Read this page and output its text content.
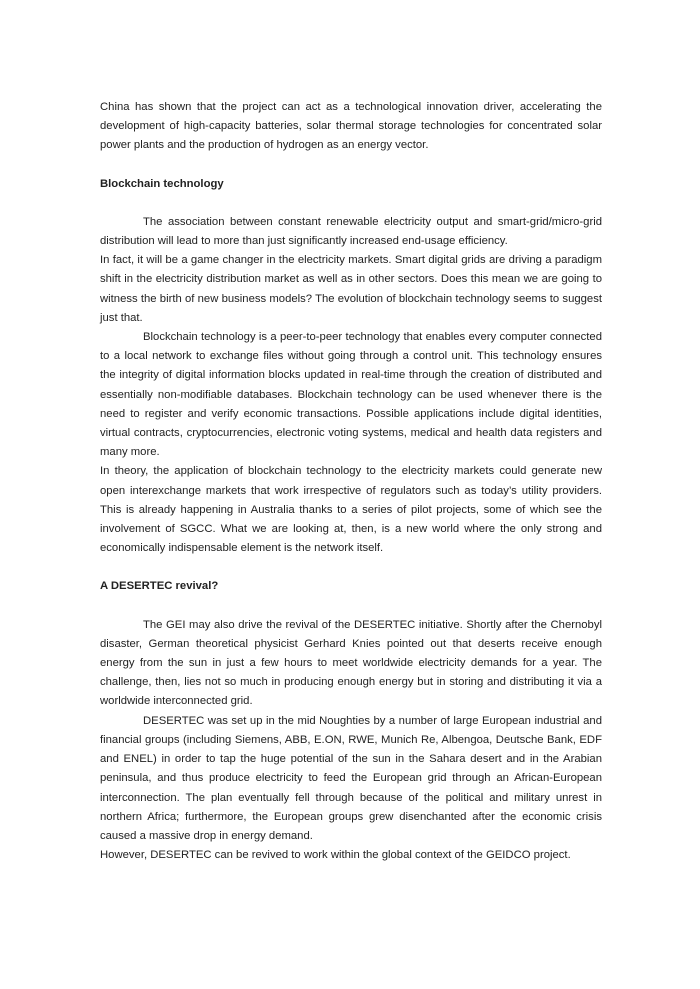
China has shown that the project can act as a technological innovation driver, accelerating the development of high-capacity batteries, solar thermal storage technologies for concentrated solar power plants and the production of hydrogen as an energy vector.

Blockchain technology

The association between constant renewable electricity output and smart-grid/micro-grid distribution will lead to more than just significantly increased end-usage efficiency.

In fact, it will be a game changer in the electricity markets. Smart digital grids are driving a paradigm shift in the electricity distribution market as well as in other sectors. Does this mean we are going to witness the birth of new business models? The evolution of blockchain technology seems to suggest just that.

Blockchain technology is a peer-to-peer technology that enables every computer connected to a local network to exchange files without going through a control unit. This technology ensures the integrity of digital information blocks updated in real-time through the creation of distributed and essentially non-modifiable databases. Blockchain technology can be used whenever there is the need to register and verify economic transactions. Possible applications include digital identities, virtual contracts, cryptocurrencies, electronic voting systems, medical and health data registers and many more.

In theory, the application of blockchain technology to the electricity markets could generate new open interexchange markets that work irrespective of regulators such as today’s utility providers. This is already happening in Australia thanks to a series of pilot projects, some of which see the involvement of SGCC. What we are looking at, then, is a new world where the only strong and economically indispensable element is the network itself.

A DESERTEC revival?

The GEI may also drive the revival of the DESERTEC initiative. Shortly after the Chernobyl disaster, German theoretical physicist Gerhard Knies pointed out that deserts receive enough energy from the sun in just a few hours to meet worldwide electricity demands for a year. The challenge, then, lies not so much in producing enough energy but in storing and distributing it via a worldwide interconnected grid.

DESERTEC was set up in the mid Noughties by a number of large European industrial and financial groups (including Siemens, ABB, E.ON, RWE, Munich Re, Albengoa, Deutsche Bank, EDF and ENEL) in order to tap the huge potential of the sun in the Sahara desert and in the Arabian peninsula, and thus produce electricity to feed the European grid through an African-European interconnection. The plan eventually fell through because of the political and military unrest in northern Africa; furthermore, the European groups grew disenchanted after the economic crisis caused a massive drop in energy demand.

However, DESERTEC can be revived to work within the global context of the GEIDCO project.
